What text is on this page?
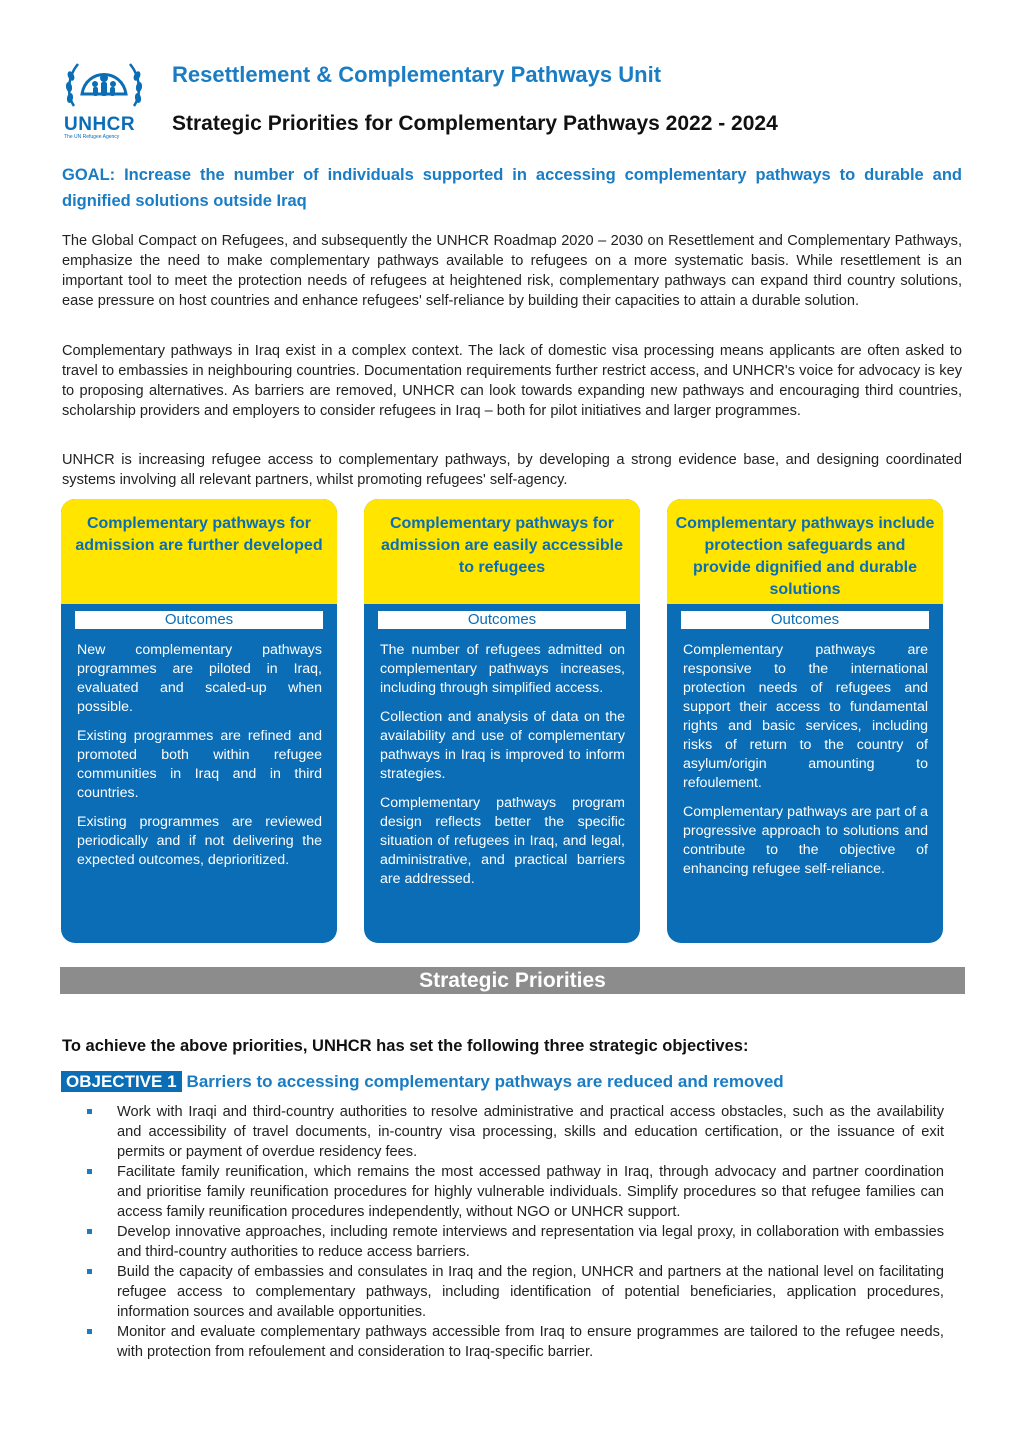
UNHCR
The UN Refugee Agency
Resettlement & Complementary Pathways Unit
Strategic Priorities for Complementary Pathways 2022 - 2024
GOAL: Increase the number of individuals supported in accessing complementary pathways to durable and dignified solutions outside Iraq
The Global Compact on Refugees, and subsequently the UNHCR Roadmap 2020 – 2030 on Resettlement and Complementary Pathways, emphasize the need to make complementary pathways available to refugees on a more systematic basis. While resettlement is an important tool to meet the protection needs of refugees at heightened risk, complementary pathways can expand third country solutions, ease pressure on host countries and enhance refugees' self-reliance by building their capacities to attain a durable solution.
Complementary pathways in Iraq exist in a complex context. The lack of domestic visa processing means applicants are often asked to travel to embassies in neighbouring countries. Documentation requirements further restrict access, and UNHCR's voice for advocacy is key to proposing alternatives. As barriers are removed, UNHCR can look towards expanding new pathways and encouraging third countries, scholarship providers and employers to consider refugees in Iraq – both for pilot initiatives and larger programmes.
UNHCR is increasing refugee access to complementary pathways, by developing a strong evidence base, and designing coordinated systems involving all relevant partners, whilst promoting refugees' self-agency.
Complementary pathways for admission are further developed
Outcomes

New complementary pathways programmes are piloted in Iraq, evaluated and scaled-up when possible.

Existing programmes are refined and promoted both within refugee communities in Iraq and in third countries.

Existing programmes are reviewed periodically and if not delivering the expected outcomes, deprioritized.

Complementary pathways for admission are easily accessible to refugees
Outcomes

The number of refugees admitted on complementary pathways increases, including through simplified access.

Collection and analysis of data on the availability and use of complementary pathways in Iraq is improved to inform strategies.

Complementary pathways program design reflects better the specific situation of refugees in Iraq, and legal, administrative, and practical barriers are addressed.

Complementary pathways include protection safeguards and provide dignified and durable solutions
Outcomes

Complementary pathways are responsive to the international protection needs of refugees and support their access to fundamental rights and basic services, including risks of return to the country of asylum/origin amounting to refoulement.

Complementary pathways are part of a progressive approach to solutions and contribute to the objective of enhancing refugee self-reliance.

Strategic Priorities
To achieve the above priorities, UNHCR has set the following three strategic objectives:
OBJECTIVE 1 Barriers to accessing complementary pathways are reduced and removed
Work with Iraqi and third-country authorities to resolve administrative and practical access obstacles, such as the availability and accessibility of travel documents, in-country visa processing, skills and education certification, or the issuance of exit permits or payment of overdue residency fees.
Facilitate family reunification, which remains the most accessed pathway in Iraq, through advocacy and partner coordination and prioritise family reunification procedures for highly vulnerable individuals. Simplify procedures so that refugee families can access family reunification procedures independently, without NGO or UNHCR support.
Develop innovative approaches, including remote interviews and representation via legal proxy, in collaboration with embassies and third-country authorities to reduce access barriers.
Build the capacity of embassies and consulates in Iraq and the region, UNHCR and partners at the national level on facilitating refugee access to complementary pathways, including identification of potential beneficiaries, application procedures, information sources and available opportunities.
Monitor and evaluate complementary pathways accessible from Iraq to ensure programmes are tailored to the refugee needs, with protection from refoulement and consideration to Iraq-specific barrier.
